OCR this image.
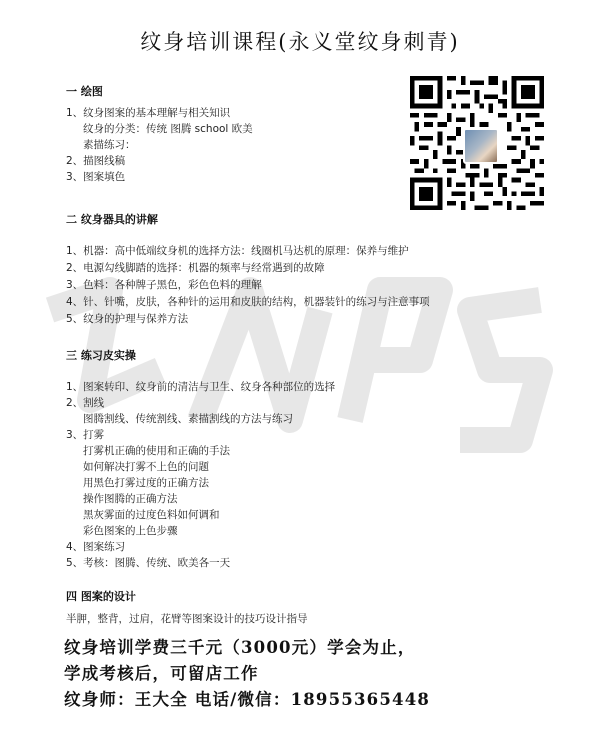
纹身培训课程(永义堂纹身刺青)
一 绘图
1、纹身图案的基本理解与相关知识
纹身的分类：传统 图腾 school 欧美
素描练习：
2、描图线稿
3、图案填色
二 纹身器具的讲解
1、机器：高中低端纹身机的选择方法：线圈机马达机的原理：保养与维护
2、电源勾线脚踏的选择：机器的频率与经常遇到的故障
3、色料：各种牌子黑色，彩色色料的理解
4、针、针嘴，皮肤，各种针的运用和皮肤的结构，机器装针的练习与注意事项
5、纹身的护理与保养方法
三 练习皮实操
1、图案转印、纹身前的清洁与卫生、纹身各种部位的选择
2、割线
图腾割线、传统割线、素描割线的方法与练习
3、打雾
打雾机正确的使用和正确的手法
如何解决打雾不上色的问题
用黑色打雾过度的正确方法
操作图腾的正确方法
黑灰雾面的过度色料如何调和
彩色图案的上色步骤
4、图案练习
5、考核：图腾、传统、欧美各一天
四 图案的设计
半胛，整背，过肩，花臂等图案设计的技巧设计指导
纹身培训学费三千元（3000元）学会为止，
学成考核后，可留店工作
纹身师：王大全 电话/微信：18955365448
